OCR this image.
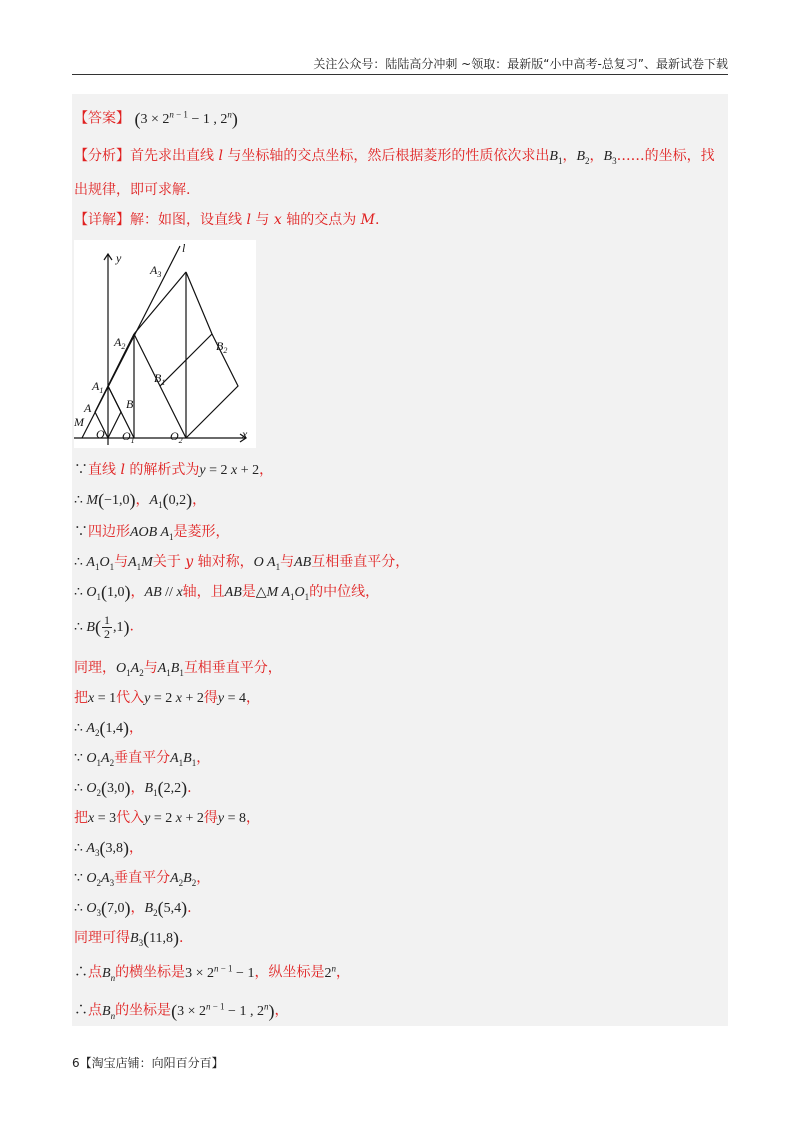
关注公众号：陆陆高分冲刺 ~领取：最新版“小中高考-总复习”、最新试卷下载
【答案】 ($3 \times 2^{n - 1} - 1$ , 2$^n$)
【分析】首先求出直线 l 与坐标轴的交点坐标，然后根据菱形的性质依次求出$B_1$，$B_2$，$B_3\dots\dots$的坐标，找
出规律，即可求解.
【详解】解：如图，设直线 l 与 x 轴的交点为 M.
y
l
$A_3$
$A_2$	$B_2$
$A_1$
$B_1$
A	B
M
O $O_1$	$O_2$	x
∵直线 l 的解析式为y = 2 x + 2，
∴ M(−1,0)，$A_1(0,2)$，
∵四边形AOB $A_1$是菱形，
∴ $A_1O_1$与$A_1M$关于 y 轴对称，O $A_1$与AB互相垂直平分，
∴ $O_1(1,0)$，AB // x轴，且AB是△M $A_1O_1$的中位线，
∴ $B( \frac{1}{2} ,1)$.
同理，$O_1A_2$与$A_1B_1$互相垂直平分，
把x = 1代入y = 2 x + 2得y = 4，
∴ $A_2(1,4)$，
∵ $O_1A_2$垂直平分$A_1B_1$，
∴ $O_2(3,0)$，$B_1(2,2)$.
把x = 3代入y = 2 x + 2得y = 8，
∴ $A_3(3,8)$，
∵ $O_2A_3$垂直平分$A_2B_2$，
∴ $O_3(7,0)$，$B_2(5,4)$.
同理可得$B_3(11,8)$.
∴点$B_n$的横坐标是$3 \times 2^{n - 1} - 1$，纵坐标是2$^n$，
∴点$B_n$的坐标是($3 \times 2^{n - 1} - 1$ , 2$^n$)，
6【淘宝店铺：向阳百分百】
